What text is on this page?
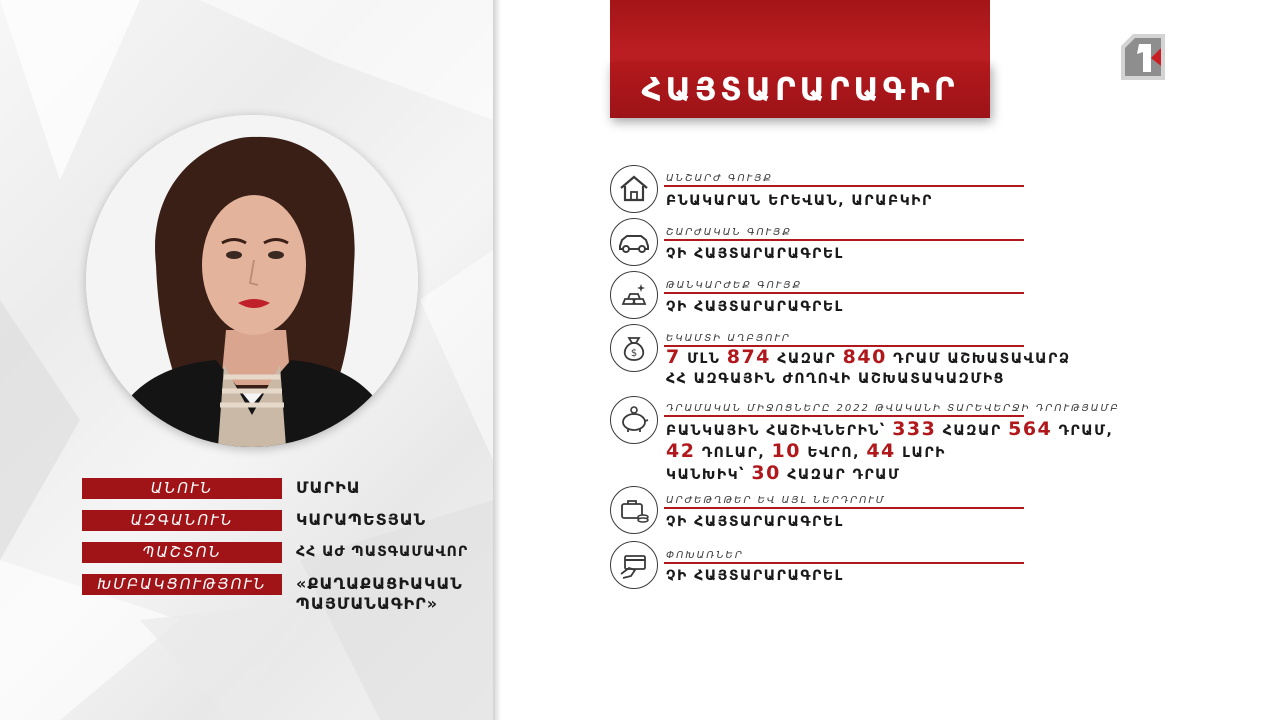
ԱՆՈՒՆ	ՄԱՐԻԱ
ԱԶԳԱՆՈՒՆ	ԿԱՐԱՊԵՏՅԱՆ
ՊԱՇՏՈՆ	ՀՀ ԱԺ ՊԱՏԳԱՄԱՎՈՐ
ԽՄԲԱԿՑՈՒԹՅՈՒՆ	«ՔԱՂԱՔԱՑԻԱԿԱՆ
ՊԱՅՄԱՆԱԳԻՐ»
ՀԱՅՏԱՐԱՐԱԳԻՐ
ԱՆՇԱՐԺ ԳՈՒՅՔ
ԲՆԱԿԱՐԱՆ ԵՐԵՎԱՆ, ԱՐԱԲԿԻՐ
ՇԱՐԺԱԿԱՆ ԳՈՒՅՔ
ՉԻ ՀԱՅՏԱՐԱՐԱԳՐԵԼ
ԹԱՆԿԱՐԺԵՔ ԳՈՒՅՔ
ՉԻ ՀԱՅՏԱՐԱՐԱԳՐԵԼ
$
ԵԿԱՄՏԻ ԱՂԲՅՈՒՐ
7 ՄԼՆ 874 ՀԱԶԱՐ 840 ԴՐԱՄ ԱՇԽԱՏԱՎԱՐՁ
ՀՀ ԱԶԳԱՅԻՆ ԺՈՂՈՎԻ ԱՇԽԱՏԱԿԱԶՄԻՑ
ԴՐԱՄԱԿԱՆ ՄԻՋՈՑՆԵՐԸ 2022 ԹՎԱԿԱՆԻ ՏԱՐԵՎԵՐՋԻ ԴՐՈՒԹՅԱՄԲ
ԲԱՆԿԱՅԻՆ ՀԱՇԻՎՆԵՐԻՆ՝ 333 ՀԱԶԱՐ 564 ԴՐԱՄ,
42 ԴՈԼԱՐ, 10 ԵՎՐՈ, 44 ԼԱՐԻ
ԿԱՆԽԻԿ՝ 30 ՀԱԶԱՐ ԴՐԱՄ
ԱՐԺԵԹՂԹԵՐ ԵՎ ԱՅԼ ՆԵՐԴՐՈՒՄ
ՉԻ ՀԱՅՏԱՐԱՐԱԳՐԵԼ
ՓՈԽԱՌՆԵՐ
ՉԻ ՀԱՅՏԱՐԱՐԱԳՐԵԼ
